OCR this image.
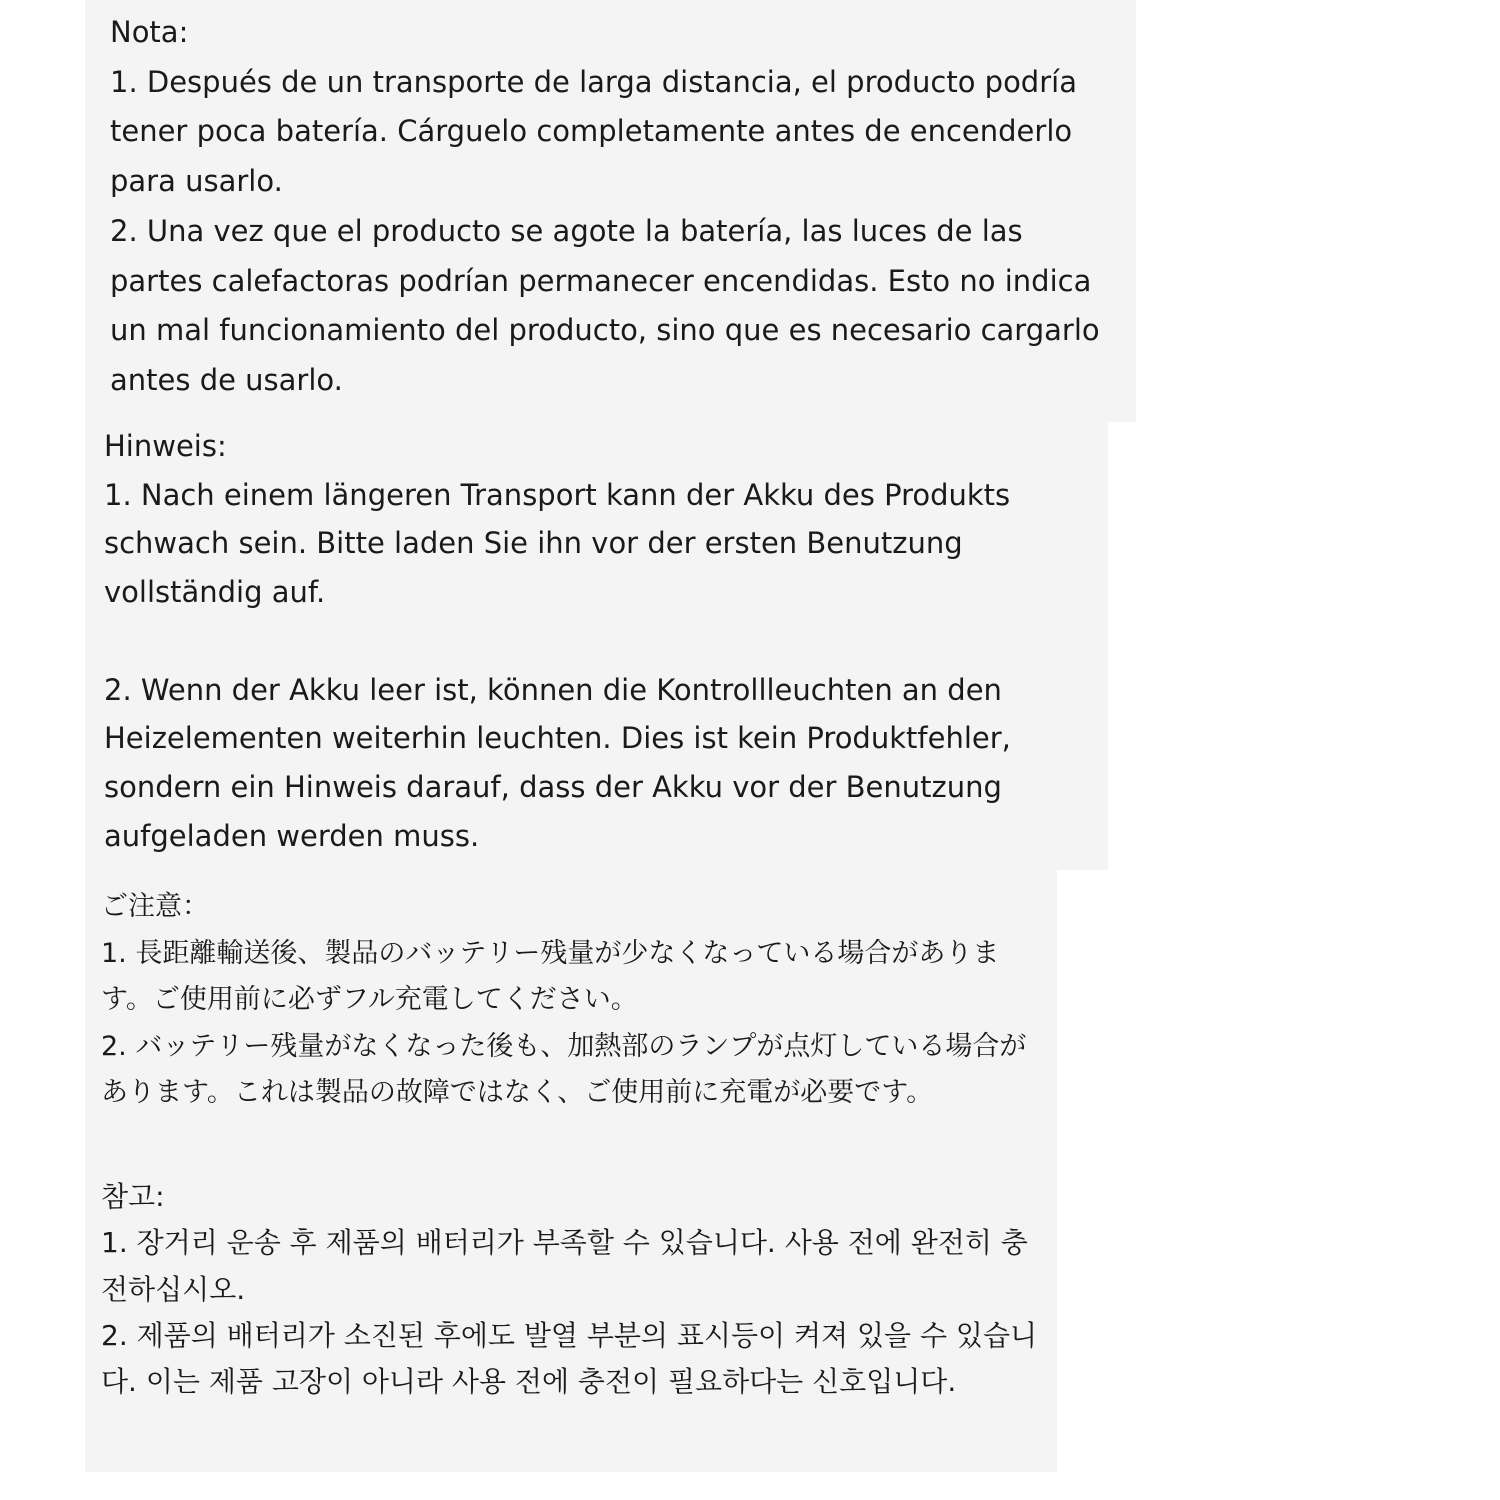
Nota:
1. Después de un transporte de larga distancia, el producto podría tener poca batería. Cárguelo completamente antes de encenderlo para usarlo.
2. Una vez que el producto se agote la batería, las luces de las partes calefactoras podrían permanecer encendidas. Esto no indica un mal funcionamiento del producto, sino que es necesario cargarlo antes de usarlo.
Hinweis:
1. Nach einem längeren Transport kann der Akku des Produkts schwach sein. Bitte laden Sie ihn vor der ersten Benutzung vollständig auf.
2. Wenn der Akku leer ist, können die Kontrollleuchten an den Heizelementen weiterhin leuchten. Dies ist kein Produktfehler, sondern ein Hinweis darauf, dass der Akku vor der Benutzung aufgeladen werden muss.
ご注意：
1. 長距離輸送後、製品のバッテリー残量が少なくなっている場合があります。ご使用前に必ずフル充電してください。
2. バッテリー残量がなくなった後も、加熱部のランプが点灯している場合があります。これは製品の故障ではなく、ご使用前に充電が必要です。
참고:
1. 장거리 운송 후 제품의 배터리가 부족할 수 있습니다. 사용 전에 완전히 충전하십시오.
2. 제품의 배터리가 소진된 후에도 발열 부분의 표시등이 켜져 있을 수 있습니다. 이는 제품 고장이 아니라 사용 전에 충전이 필요하다는 신호입니다.
